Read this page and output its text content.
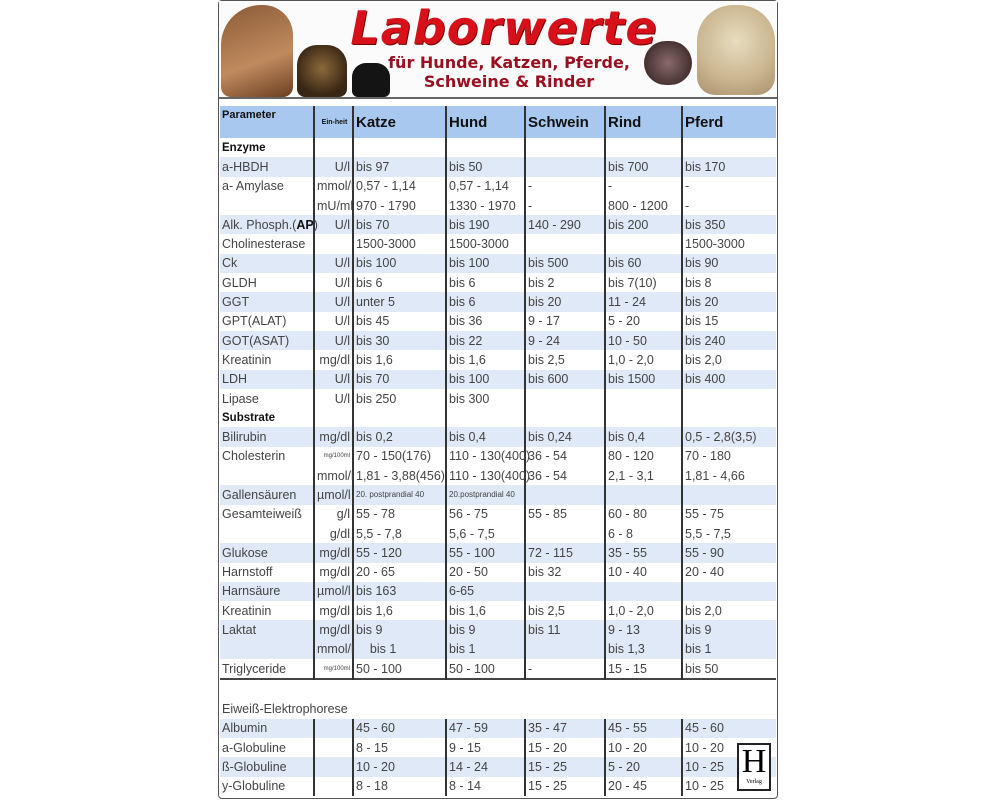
Laborwerte
für Hunde, Katzen, Pferde,
Schweine & Rinder
Parameter	Ein-heit	Katze	Hund	Schwein	Rind	Pferd
Enzyme						
a-HBDH	U/l	bis 97	bis 50		bis 700	bis 170
a- Amylase	mmol/l	0,57 - 1,14	0,57 - 1,14	-	-	-
	mU/ml	970 - 1790	1330 - 1970	-	800 - 1200	-
Alk. Phosph.(AP)	U/l	bis 70	bis 190	140 - 290	bis 200	bis 350
Cholinesterase		1500-3000	1500-3000			1500-3000
Ck	U/l	bis 100	bis 100	bis 500	bis 60	bis 90
GLDH	U/l	bis 6	bis 6	bis 2	bis 7(10)	bis 8
GGT	U/l	unter 5	bis 6	bis 20	11 - 24	bis 20
GPT(ALAT)	U/l	bis 45	bis 36	9 - 17	5 - 20	bis 15
GOT(ASAT)	U/l	bis 30	bis 22	9 - 24	10 - 50	bis 240
Kreatinin	mg/dl	bis 1,6	bis 1,6	bis 2,5	1,0 - 2,0	bis 2,0
LDH	U/l	bis 70	bis 100	bis 600	bis 1500	bis 400
Lipase	U/l	bis 250	bis 300			
Substrate						
Bilirubin	mg/dl	bis 0,2	bis 0,4	bis 0,24	bis 0,4	0,5 - 2,8(3,5)
Cholesterin	mg/100ml	70 - 150(176)	110 - 130(400)	36 - 54	80 - 120	70 - 180
	mmol/l	1,81 - 3,88(456)	110 - 130(400)	36 - 54	2,1 - 3,1	1,81 - 4,66
Gallensäuren	µmol/l	20. postprandial 40	20.postprandial 40			
Gesamteiweiß	g/l	55 - 78	56 - 75	55 - 85	60 - 80	55 - 75
	g/dl	5,5 - 7,8	5,6 - 7,5		6 - 8	5,5 - 7,5
Glukose	mg/dl	55 - 120	55 - 100	72 - 115	35 - 55	55 - 90
Harnstoff	mg/dl	20 - 65	20 - 50	bis 32	10 - 40	20 - 40
Harnsäure	µmol/l	bis 163	6-65			
Kreatinin	mg/dl	bis 1,6	bis 1,6	bis 2,5	1,0 - 2,0	bis 2,0
Laktat	mg/dl	bis 9	bis 9	bis 11	9 - 13	bis 9
	mmol/l	bis 1	bis 1		bis 1,3	bis 1
Triglyceride	mg/100ml	50 - 100	50 - 100	-	15 - 15	bis 50

Eiweiß-Elektrophorese						
Albumin		45 - 60	47 - 59	35 - 47	45 - 55	45 - 60
a-Globuline		8 - 15	9 - 15	15 - 20	10 - 20	10 - 20
ß-Globuline		10 - 20	14 - 24	15 - 25	5 - 20	10 - 25
y-Globuline		8 - 18	8 - 14	15 - 25	20 - 45	10 - 25
H
Verlag
